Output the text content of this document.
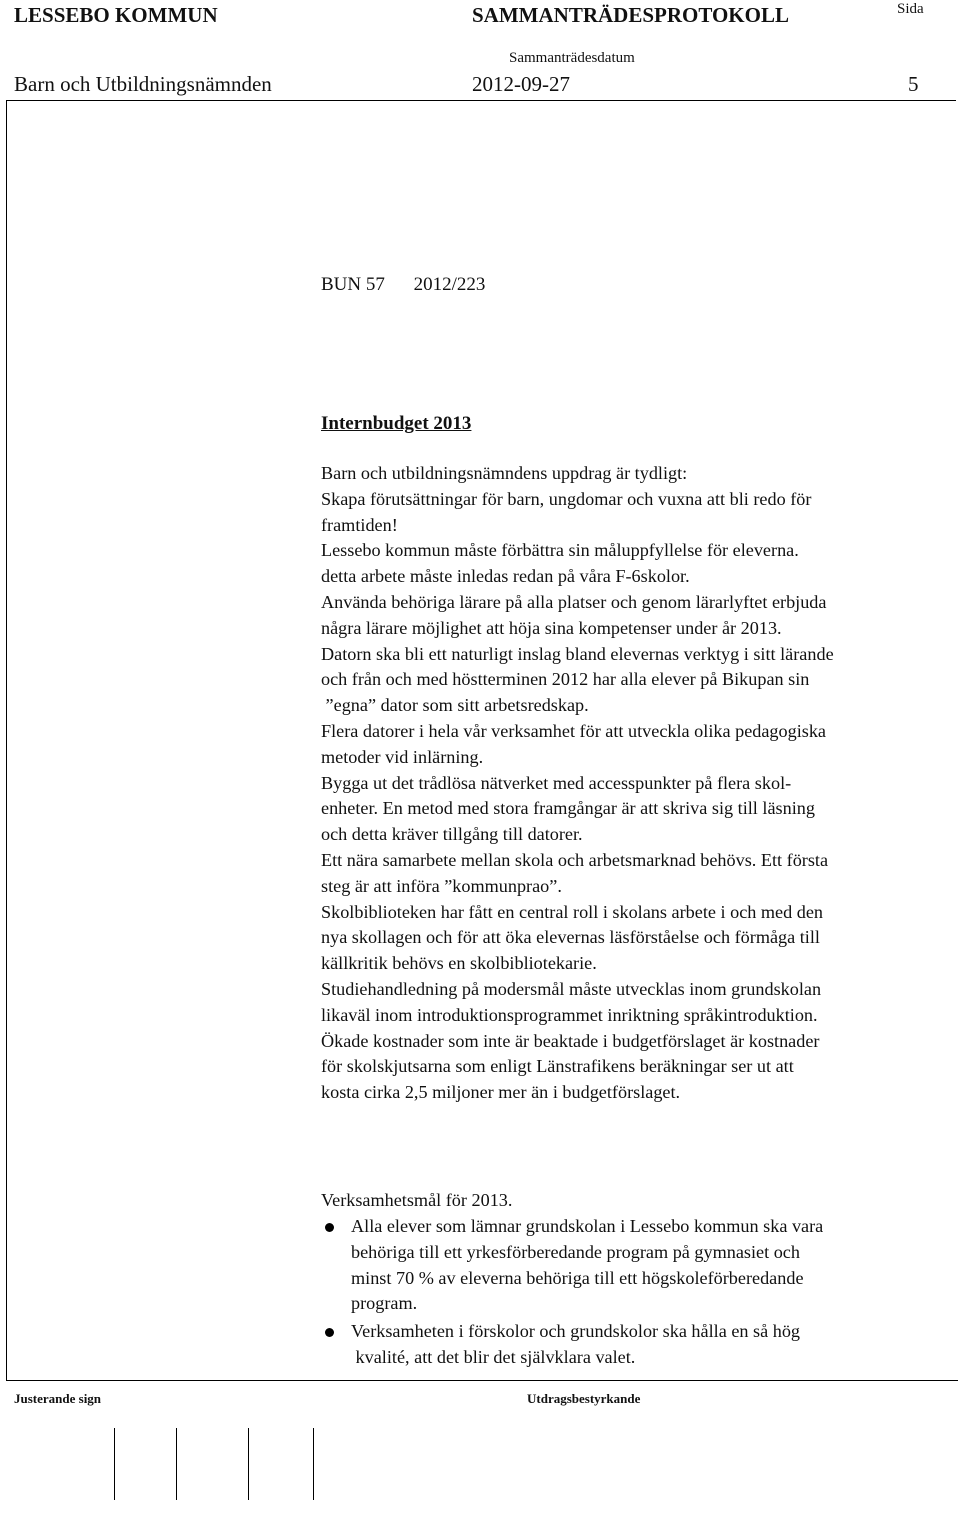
LESSEBO KOMMUN	SAMMANTRÄDESPROTOKOLL	Sida
Sammanträdesdatum
Barn och Utbildningsnämnden	2012-09-27	5
BUN 57 2012/223
Internbudget 2013
Barn och utbildningsnämndens uppdrag är tydligt:
Skapa förutsättningar för barn, ungdomar och vuxna att bli redo för
framtiden!
Lessebo kommun måste förbättra sin måluppfyllelse för eleverna.
detta arbete måste inledas redan på våra F-6skolor.
Använda behöriga lärare på alla platser och genom lärarlyftet erbjuda
några lärare möjlighet att höja sina kompetenser under år 2013.
Datorn ska bli ett naturligt inslag bland elevernas verktyg i sitt lärande
och från och med höstterminen 2012 har alla elever på Bikupan sin
”egna” dator som sitt arbetsredskap.
Flera datorer i hela vår verksamhet för att utveckla olika pedagogiska
metoder vid inlärning.
Bygga ut det trådlösa nätverket med accesspunkter på flera skol-
enheter. En metod med stora framgångar är att skriva sig till läsning
och detta kräver tillgång till datorer.
Ett nära samarbete mellan skola och arbetsmarknad behövs. Ett första
steg är att införa ”kommunprao”.
Skolbiblioteken har fått en central roll i skolans arbete i och med den
nya skollagen och för att öka elevernas läsförståelse och förmåga till
källkritik behövs en skolbibliotekarie.
Studiehandledning på modersmål måste utvecklas inom grundskolan
likaväl inom introduktionsprogrammet inriktning språkintroduktion.
Ökade kostnader som inte är beaktade i budgetförslaget är kostnader
för skolskjutsarna som enligt Länstrafikens beräkningar ser ut att
kosta cirka 2,5 miljoner mer än i budgetförslaget.
Verksamhetsmål för 2013.
Alla elever som lämnar grundskolan i Lessebo kommun ska vara
behöriga till ett yrkesförberedande program på gymnasiet och
minst 70 % av eleverna behöriga till ett högskoleförberedande
program.
Verksamheten i förskolor och grundskolor ska hålla en så hög
kvalité, att det blir det självklara valet.
Justerande sign	Utdragsbestyrkande
